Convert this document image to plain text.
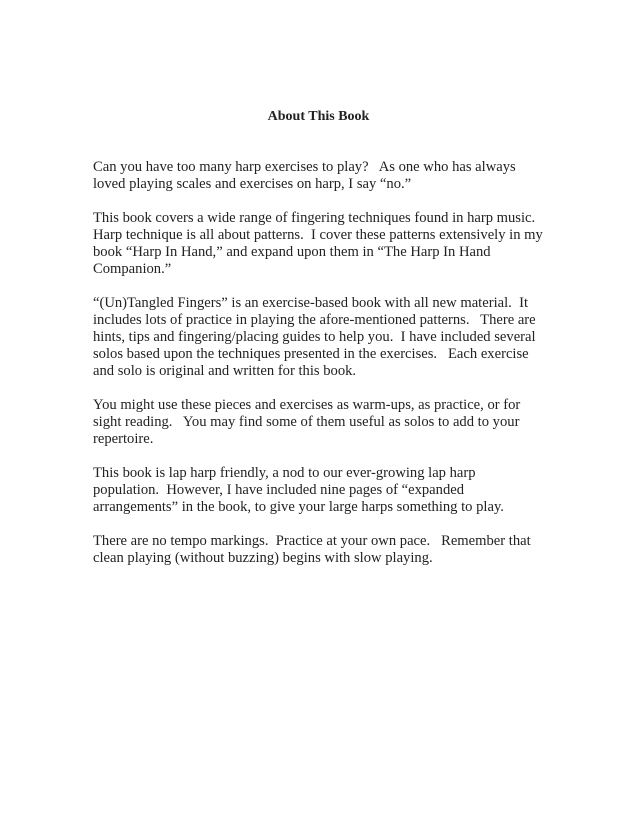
About This Book
Can you have too many harp exercises to play?   As one who has always
loved playing scales and exercises on harp, I say “no.”
This book covers a wide range of fingering techniques found in harp music.
Harp technique is all about patterns.  I cover these patterns extensively in my
book “Harp In Hand,” and expand upon them in “The Harp In Hand
Companion.”
“(Un)Tangled Fingers” is an exercise-based book with all new material.  It
includes lots of practice in playing the afore-mentioned patterns.   There are
hints, tips and fingering/placing guides to help you.  I have included several
solos based upon the techniques presented in the exercises.   Each exercise
and solo is original and written for this book.
You might use these pieces and exercises as warm-ups, as practice, or for
sight reading.   You may find some of them useful as solos to add to your
repertoire.
This book is lap harp friendly, a nod to our ever-growing lap harp
population.  However, I have included nine pages of “expanded
arrangements” in the book, to give your large harps something to play.
There are no tempo markings.  Practice at your own pace.   Remember that
clean playing (without buzzing) begins with slow playing.
